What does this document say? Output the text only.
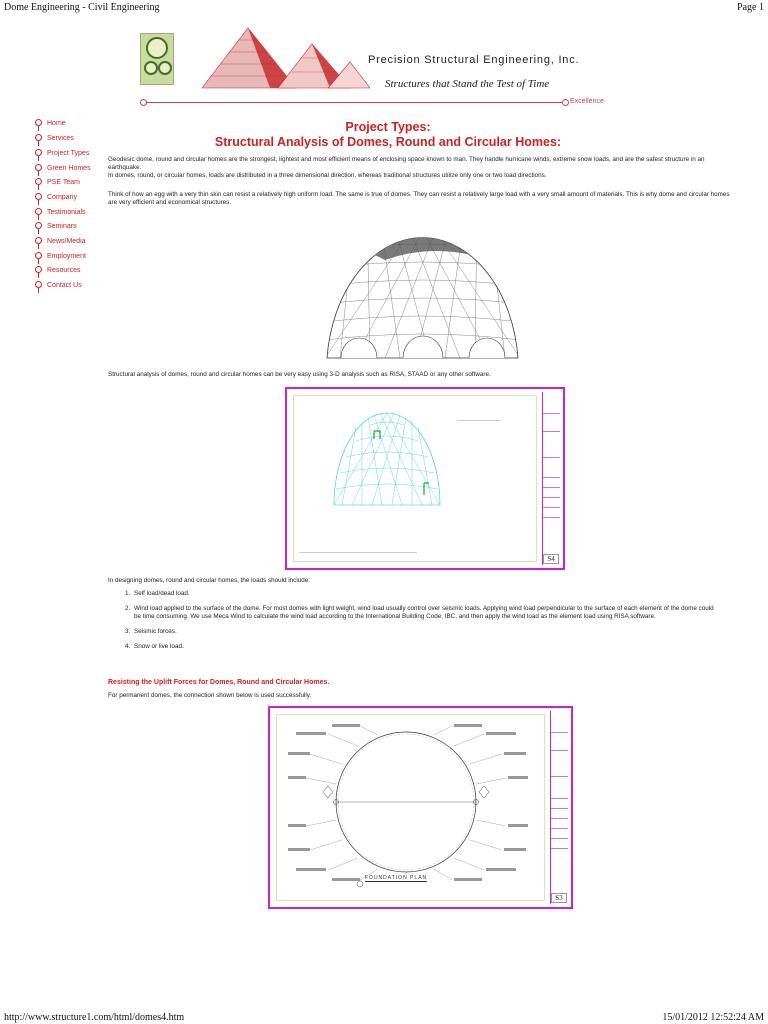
Dome Engineering - Civil Engineering	Page 1
Precision Structural Engineering, Inc.
Structures that Stand the Test of Time
Excellence
Home
Services
Project Types
Green Homes
PSE Team
Company
Testimonials
Seminars
News/Media
Employment
Resources
Contact Us
Project Types:
Structural Analysis of Domes, Round and Circular Homes:
Geodesic dome, round and circular homes are the strongest, lightest and most efficient means of enclosing space known to man. They handle hurricane winds, extreme snow loads, and are the safest structure in an earthquake.
In domes, round, or circular homes, loads are distributed in a three dimensional direction, whereas traditional structures utilize only one or two load directions.
Think of how an egg with a very thin skin can resist a relatively high uniform load. The same is true of domes. They can resist a relatively large load with a very small amount of materials. This is why dome and circular homes are very efficient and economical structures.
Structural analysis of domes, round and circular homes can be very easy using 3-D analysis such as RISA, STAAD or any other software.
S4
In designing domes, round and circular homes, the loads should include:
1. Self load/dead load.
2. Wind load applied to the surface of the dome. For most domes with light weight, wind load usually control over seismic loads. Applying wind load perpendicular to the surface of each element of the dome could be time consuming. We use Meca Wind to calculate the wind load according to the International Building Code, IBC, and then apply the wind load as the element load using RISA software.
3. Seismic forces.
4. Snow or live load.
Resisting the Uplift Forces for Domes, Round and Circular Homes.
For permanent domes, the connection shown below is used successfully.
FOUNDATION PLAN
S3
http://www.structure1.com/html/domes4.htm	15/01/2012 12:52:24 AM
